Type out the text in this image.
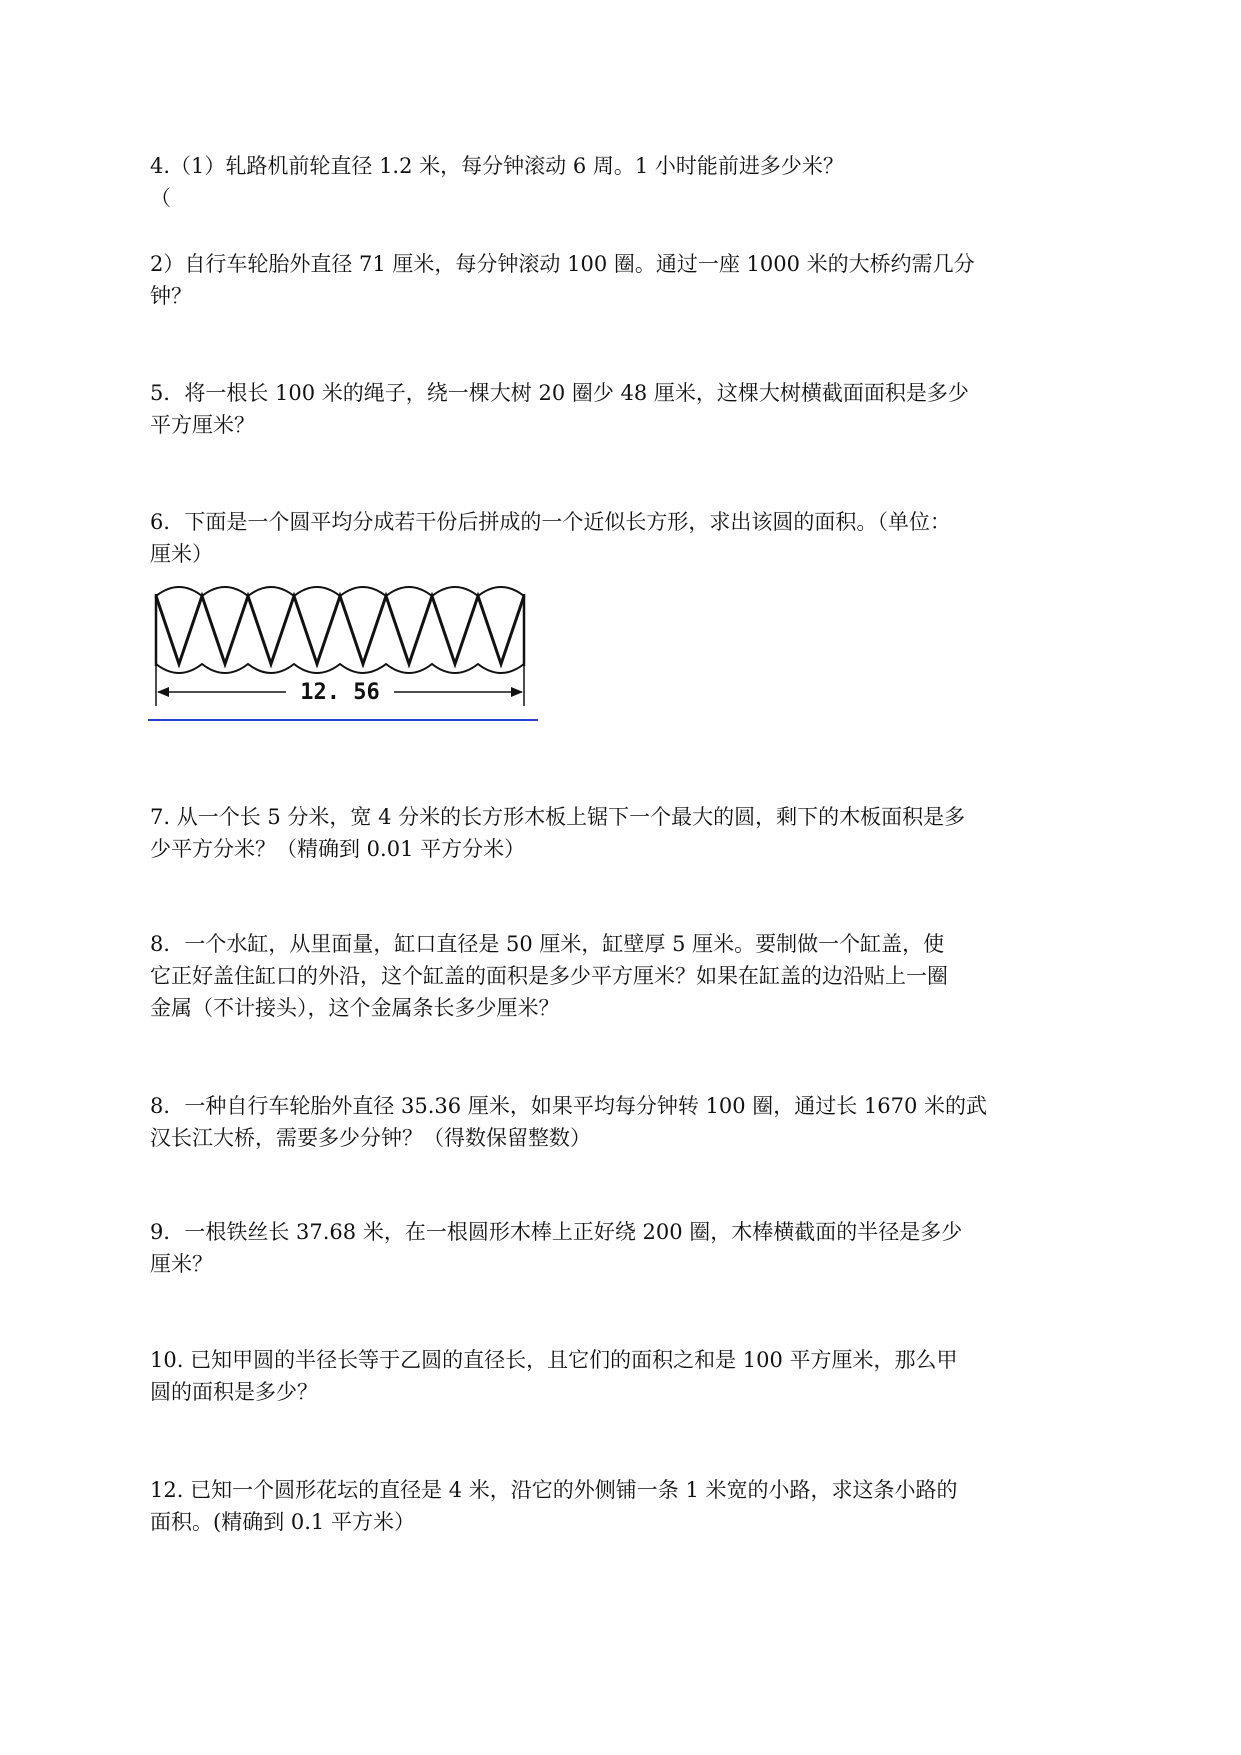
4.（1）轧路机前轮直径 1.2 米，每分钟滚动 6 周。1 小时能前进多少米？
（
2）自行车轮胎外直径 71 厘米，每分钟滚动 100 圈。通过一座 1000 米的大桥约需几分
钟？
5．将一根长 100 米的绳子，绕一棵大树 20 圈少 48 厘米，这棵大树横截面面积是多少
平方厘米？
6．下面是一个圆平均分成若干份后拼成的一个近似长方形，求出该圆的面积。（单位：
厘米）
12. 56
7. 从一个长 5 分米，宽 4 分米的长方形木板上锯下一个最大的圆，剩下的木板面积是多
少平方分米？（精确到 0.01 平方分米）
8．一个水缸，从里面量，缸口直径是 50 厘米，缸壁厚 5 厘米。要制做一个缸盖，使
它正好盖住缸口的外沿，这个缸盖的面积是多少平方厘米？如果在缸盖的边沿贴上一圈
金属（不计接头），这个金属条长多少厘米？
8．一种自行车轮胎外直径 35.36 厘米，如果平均每分钟转 100 圈，通过长 1670 米的武
汉长江大桥，需要多少分钟？（得数保留整数）
9．一根铁丝长 37.68 米，在一根圆形木棒上正好绕 200 圈，木棒横截面的半径是多少
厘米？
10. 已知甲圆的半径长等于乙圆的直径长，且它们的面积之和是 100 平方厘米，那么甲
圆的面积是多少？
12. 已知一个圆形花坛的直径是 4 米，沿它的外侧铺一条 1 米宽的小路，求这条小路的
面积。(精确到 0.1 平方米）
